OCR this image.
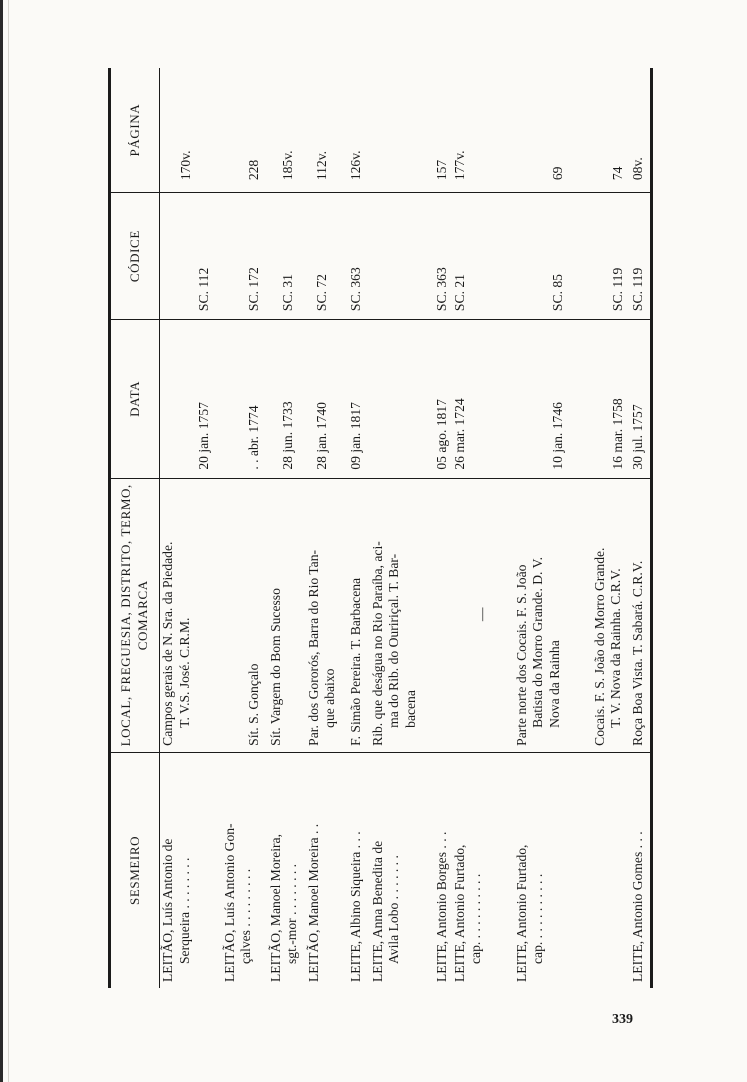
SESMEIRO	LOCAL, FREGUESIA, DISTRITO, TERMO, COMARCA	DATA	CÓDICE	PÁGINA

LEITÃO, Luís Antonio de Serqueira . . . . . . . .	Campos gerais de N. Sra. da Piedade. T. V.S. José. C.R.M.	20 jan. 1757	SC. 112	170v.

LEITÃO, Luís Antonio Gon- çalves . . . . . . . . .	Sít. S. Gonçalo	. . abr. 1774	SC. 172	228

LEITÃO, Manoel Moreira, sgt.-mor . . . . . . . .	Sít. Vargem do Bom Sucesso	28 jun. 1733	SC. 31	185v.

LEITÃO, Manoel Moreira . .	Par. dos Gororós, Barra do Rio Tan- que abaixo	28 jan. 1740	SC. 72	112v.

LEITE, Albino Siqueira . . .	F. Simão Pereira. T. Barbacena	09 jan. 1817	SC. 363	126v.

LEITE, Anna Benedita de Avila Lobo . . . . . . .	Rib. que deságua no Rio Paraíba, aci- ma do Rib. do Ouririçal. T. Bar- bacena			

LEITE, Antonio Borges . . .		05 ago. 1817	SC. 363	157

LEITE, Antonio Furtado, cap. . . . . . . . . . .	—	26 mar. 1724	SC. 21	177v.

LEITE, Antonio Furtado, cap. . . . . . . . . . .	Parte norte dos Cocais. F. S. João Batista do Morro Grande. D. V. Nova da Rainha	10 jan. 1746	SC. 85	69

	Cocais. F. S. João do Morro Grande. T. V. Nova da Rainha. C.R.V.	16 mar. 1758	SC. 119	74

LEITE, Antonio Gomes . . .	Roça Boa Vista. T. Sabará. C.R.V.	30 jul. 1757	SC. 119	08v.
339
